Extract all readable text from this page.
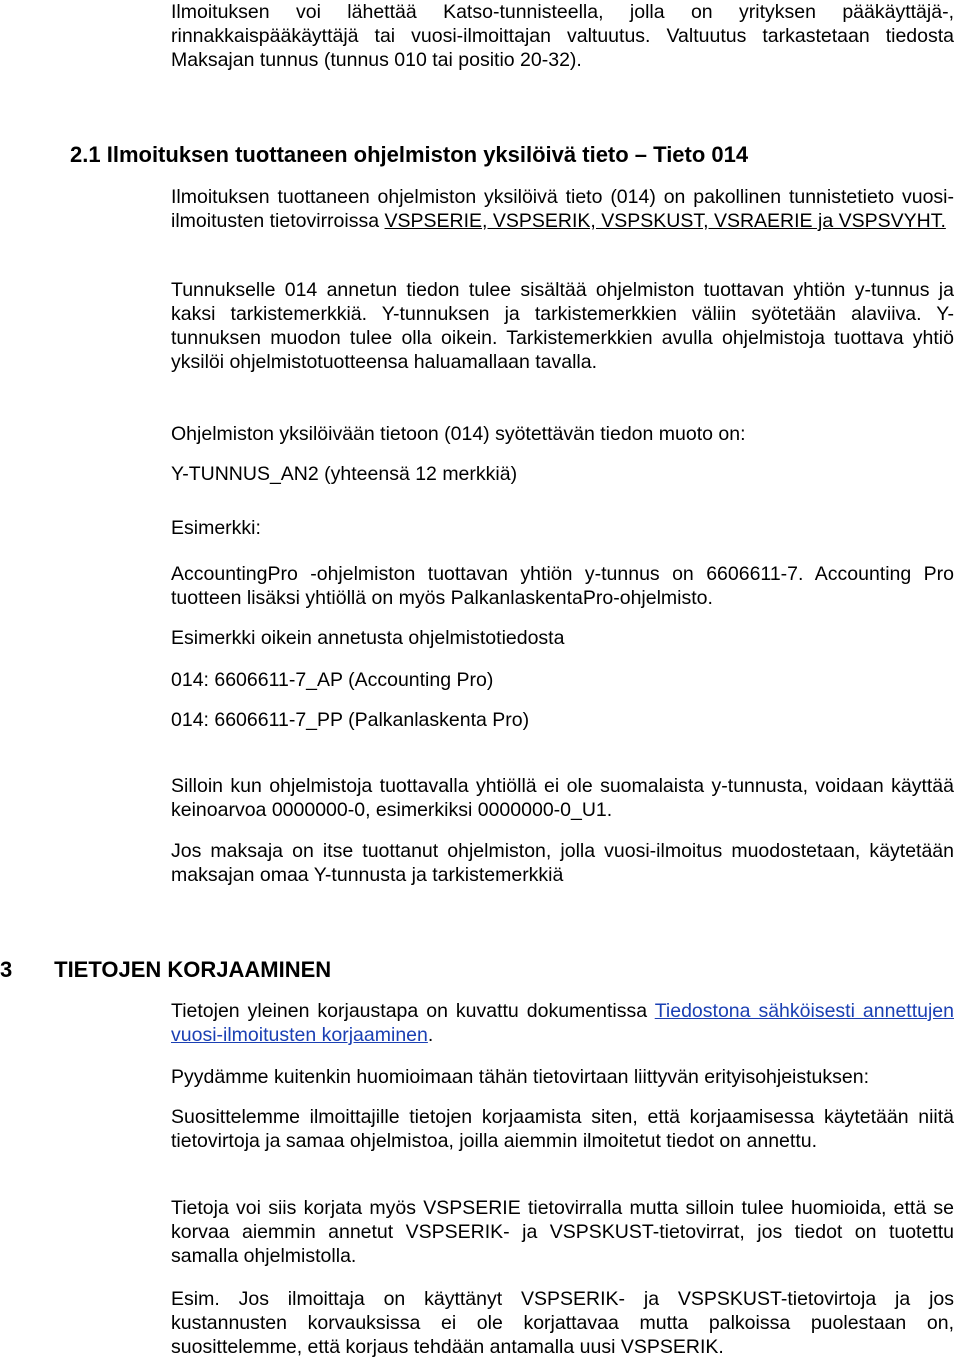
Ilmoituksen voi lähettää Katso-tunnisteella, jolla on yrityksen pääkäyttäjä-, rinnakkaispääkäyttäjä tai vuosi-ilmoittajan valtuutus. Valtuutus tarkastetaan tiedosta Maksajan tunnus (tunnus 010 tai positio 20-32).

2.1 Ilmoituksen tuottaneen ohjelmiston yksilöivä tieto – Tieto 014

Ilmoituksen tuottaneen ohjelmiston yksilöivä tieto (014) on pakollinen tunnistetieto vuosi-ilmoitusten tietovirroissa VSPSERIE, VSPSERIK, VSPSKUST, VSRAERIE ja VSPSVYHT.

Tunnukselle 014 annetun tiedon tulee sisältää ohjelmiston tuottavan yhtiön y-tunnus ja kaksi tarkistemerkkiä. Y-tunnuksen ja tarkistemerkkien väliin syötetään alaviiva. Y-tunnuksen muodon tulee olla oikein. Tarkistemerkkien avulla ohjelmistoja tuottava yhtiö yksilöi ohjelmistotuotteensa haluamallaan tavalla.

Ohjelmiston yksilöivään tietoon (014) syötettävän tiedon muoto on:

Y-TUNNUS_AN2 (yhteensä 12 merkkiä)

Esimerkki:

AccountingPro -ohjelmiston tuottavan yhtiön y-tunnus on 6606611-7. Accounting Pro tuotteen lisäksi yhtiöllä on myös PalkanlaskentaPro-ohjelmisto.

Esimerkki oikein annetusta ohjelmistotiedosta

014: 6606611-7_AP (Accounting Pro)

014: 6606611-7_PP (Palkanlaskenta Pro)

Silloin kun ohjelmistoja tuottavalla yhtiöllä ei ole suomalaista y-tunnusta, voidaan käyttää keinoarvoa 0000000-0, esimerkiksi 0000000-0_U1.

Jos maksaja on itse tuottanut ohjelmiston, jolla vuosi-ilmoitus muodostetaan, käytetään maksajan omaa Y-tunnusta ja tarkistemerkkiä

3 TIETOJEN KORJAAMINEN

Tietojen yleinen korjaustapa on kuvattu dokumentissa Tiedostona sähköisesti annettujen vuosi-ilmoitusten korjaaminen.

Pyydämme kuitenkin huomioimaan tähän tietovirtaan liittyvän erityisohjeistuksen:

Suosittelemme ilmoittajille tietojen korjaamista siten, että korjaamisessa käytetään niitä tietovirtoja ja samaa ohjelmistoa, joilla aiemmin ilmoitetut tiedot on annettu.

Tietoja voi siis korjata myös VSPSERIE tietovirralla mutta silloin tulee huomioida, että se korvaa aiemmin annetut VSPSERIK- ja VSPSKUST-tietovirrat, jos tiedot on tuotettu samalla ohjelmistolla.

Esim. Jos ilmoittaja on käyttänyt VSPSERIK- ja VSPSKUST-tietovirtoja ja jos kustannusten korvauksissa ei ole korjattavaa mutta palkoissa puolestaan on, suosittelemme, että korjaus tehdään antamalla uusi VSPSERIK.
